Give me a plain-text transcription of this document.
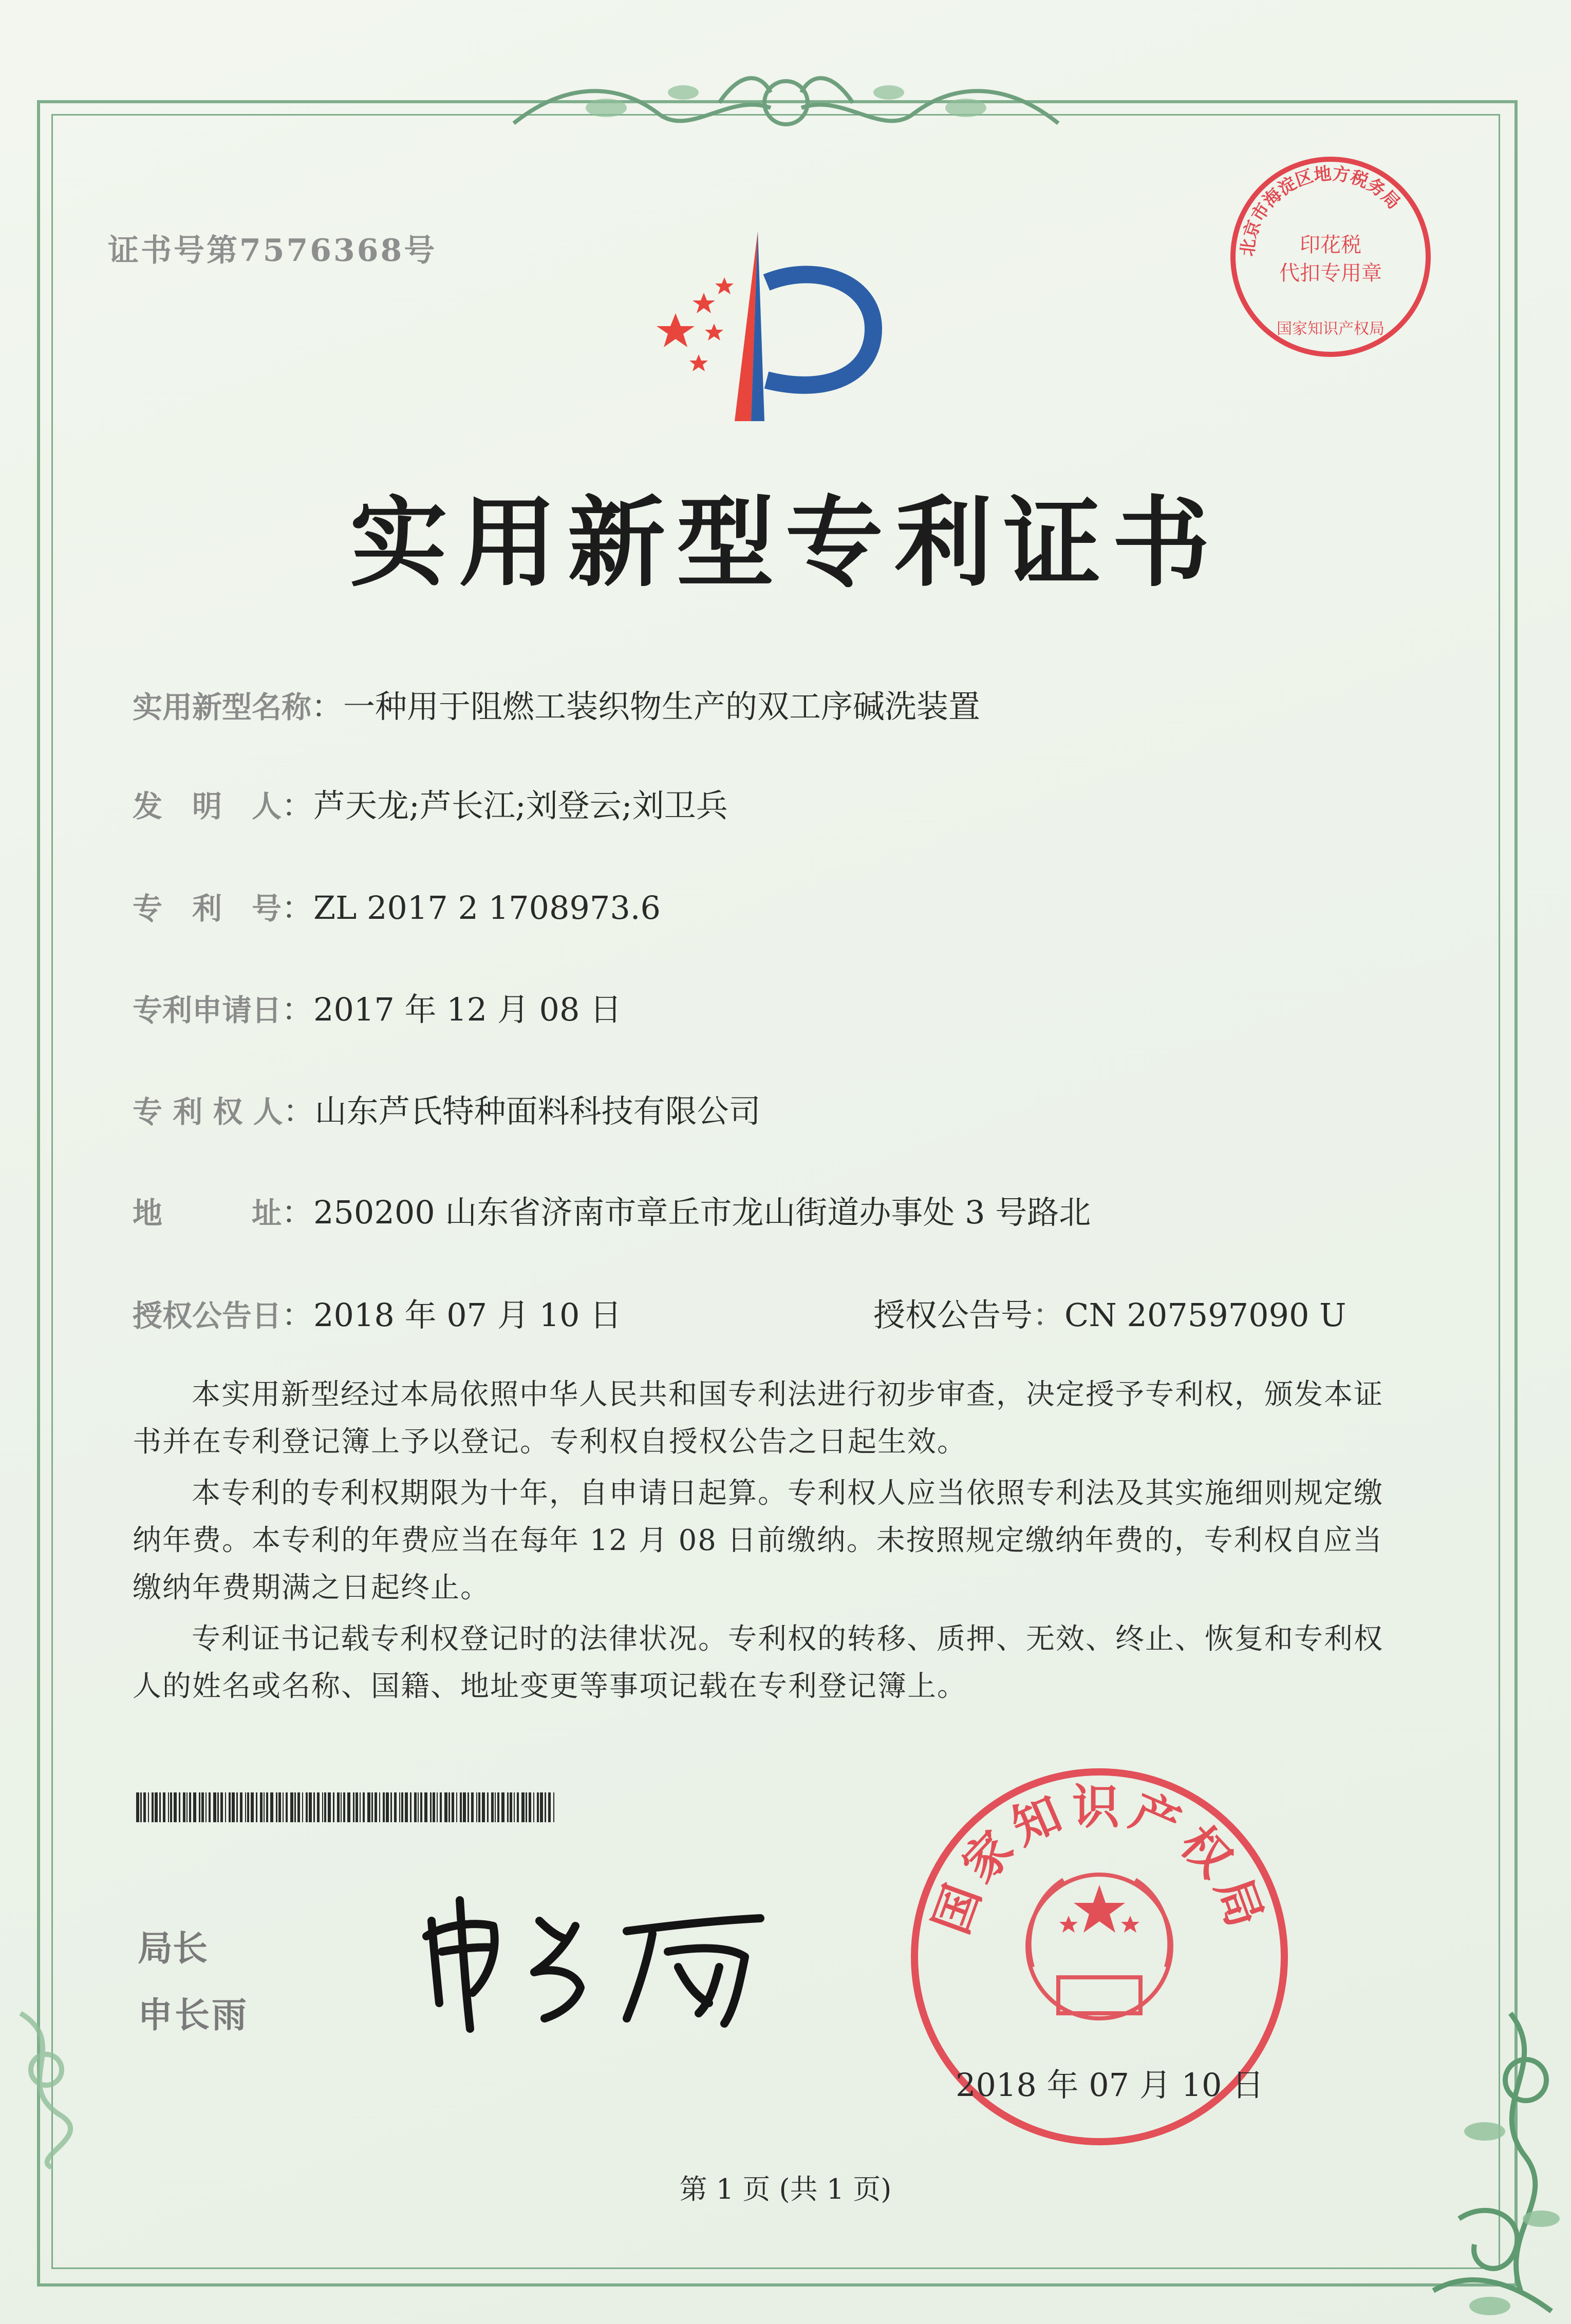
证书号第7576368号	北京市海淀区地方税务局
印花税
代扣专用章
国家知识产权局
实用新型专利证书
实用新型名称：一种用于阻燃工装织物生产的双工序碱洗装置
发　明　人：芦天龙;芦长江;刘登云;刘卫兵
专　利　号：ZL 2017 2 1708973.6
专利申请日：2017 年 12 月 08 日
专 利 权 人：山东芦氏特种面料科技有限公司
地　　　址：250200 山东省济南市章丘市龙山街道办事处 3 号路北
授权公告日：2018 年 07 月 10 日	授权公告号：CN 207597090 U

本实用新型经过本局依照中华人民共和国专利法进行初步审查，决定授予专利权，颁发本证书并在专利登记簿上予以登记。专利权自授权公告之日起生效。

本专利的专利权期限为十年，自申请日起算。专利权人应当依照专利法及其实施细则规定缴纳年费。本专利的年费应当在每年 12 月 08 日前缴纳。未按照规定缴纳年费的，专利权自应当缴纳年费期满之日起终止。

专利证书记载专利权登记时的法律状况。专利权的转移、质押、无效、终止、恢复和专利权人的姓名或名称、国籍、地址变更等事项记载在专利登记簿上。

局长
申长雨
国家知识产权局
2018 年 07 月 10 日
第 1 页 (共 1 页)
